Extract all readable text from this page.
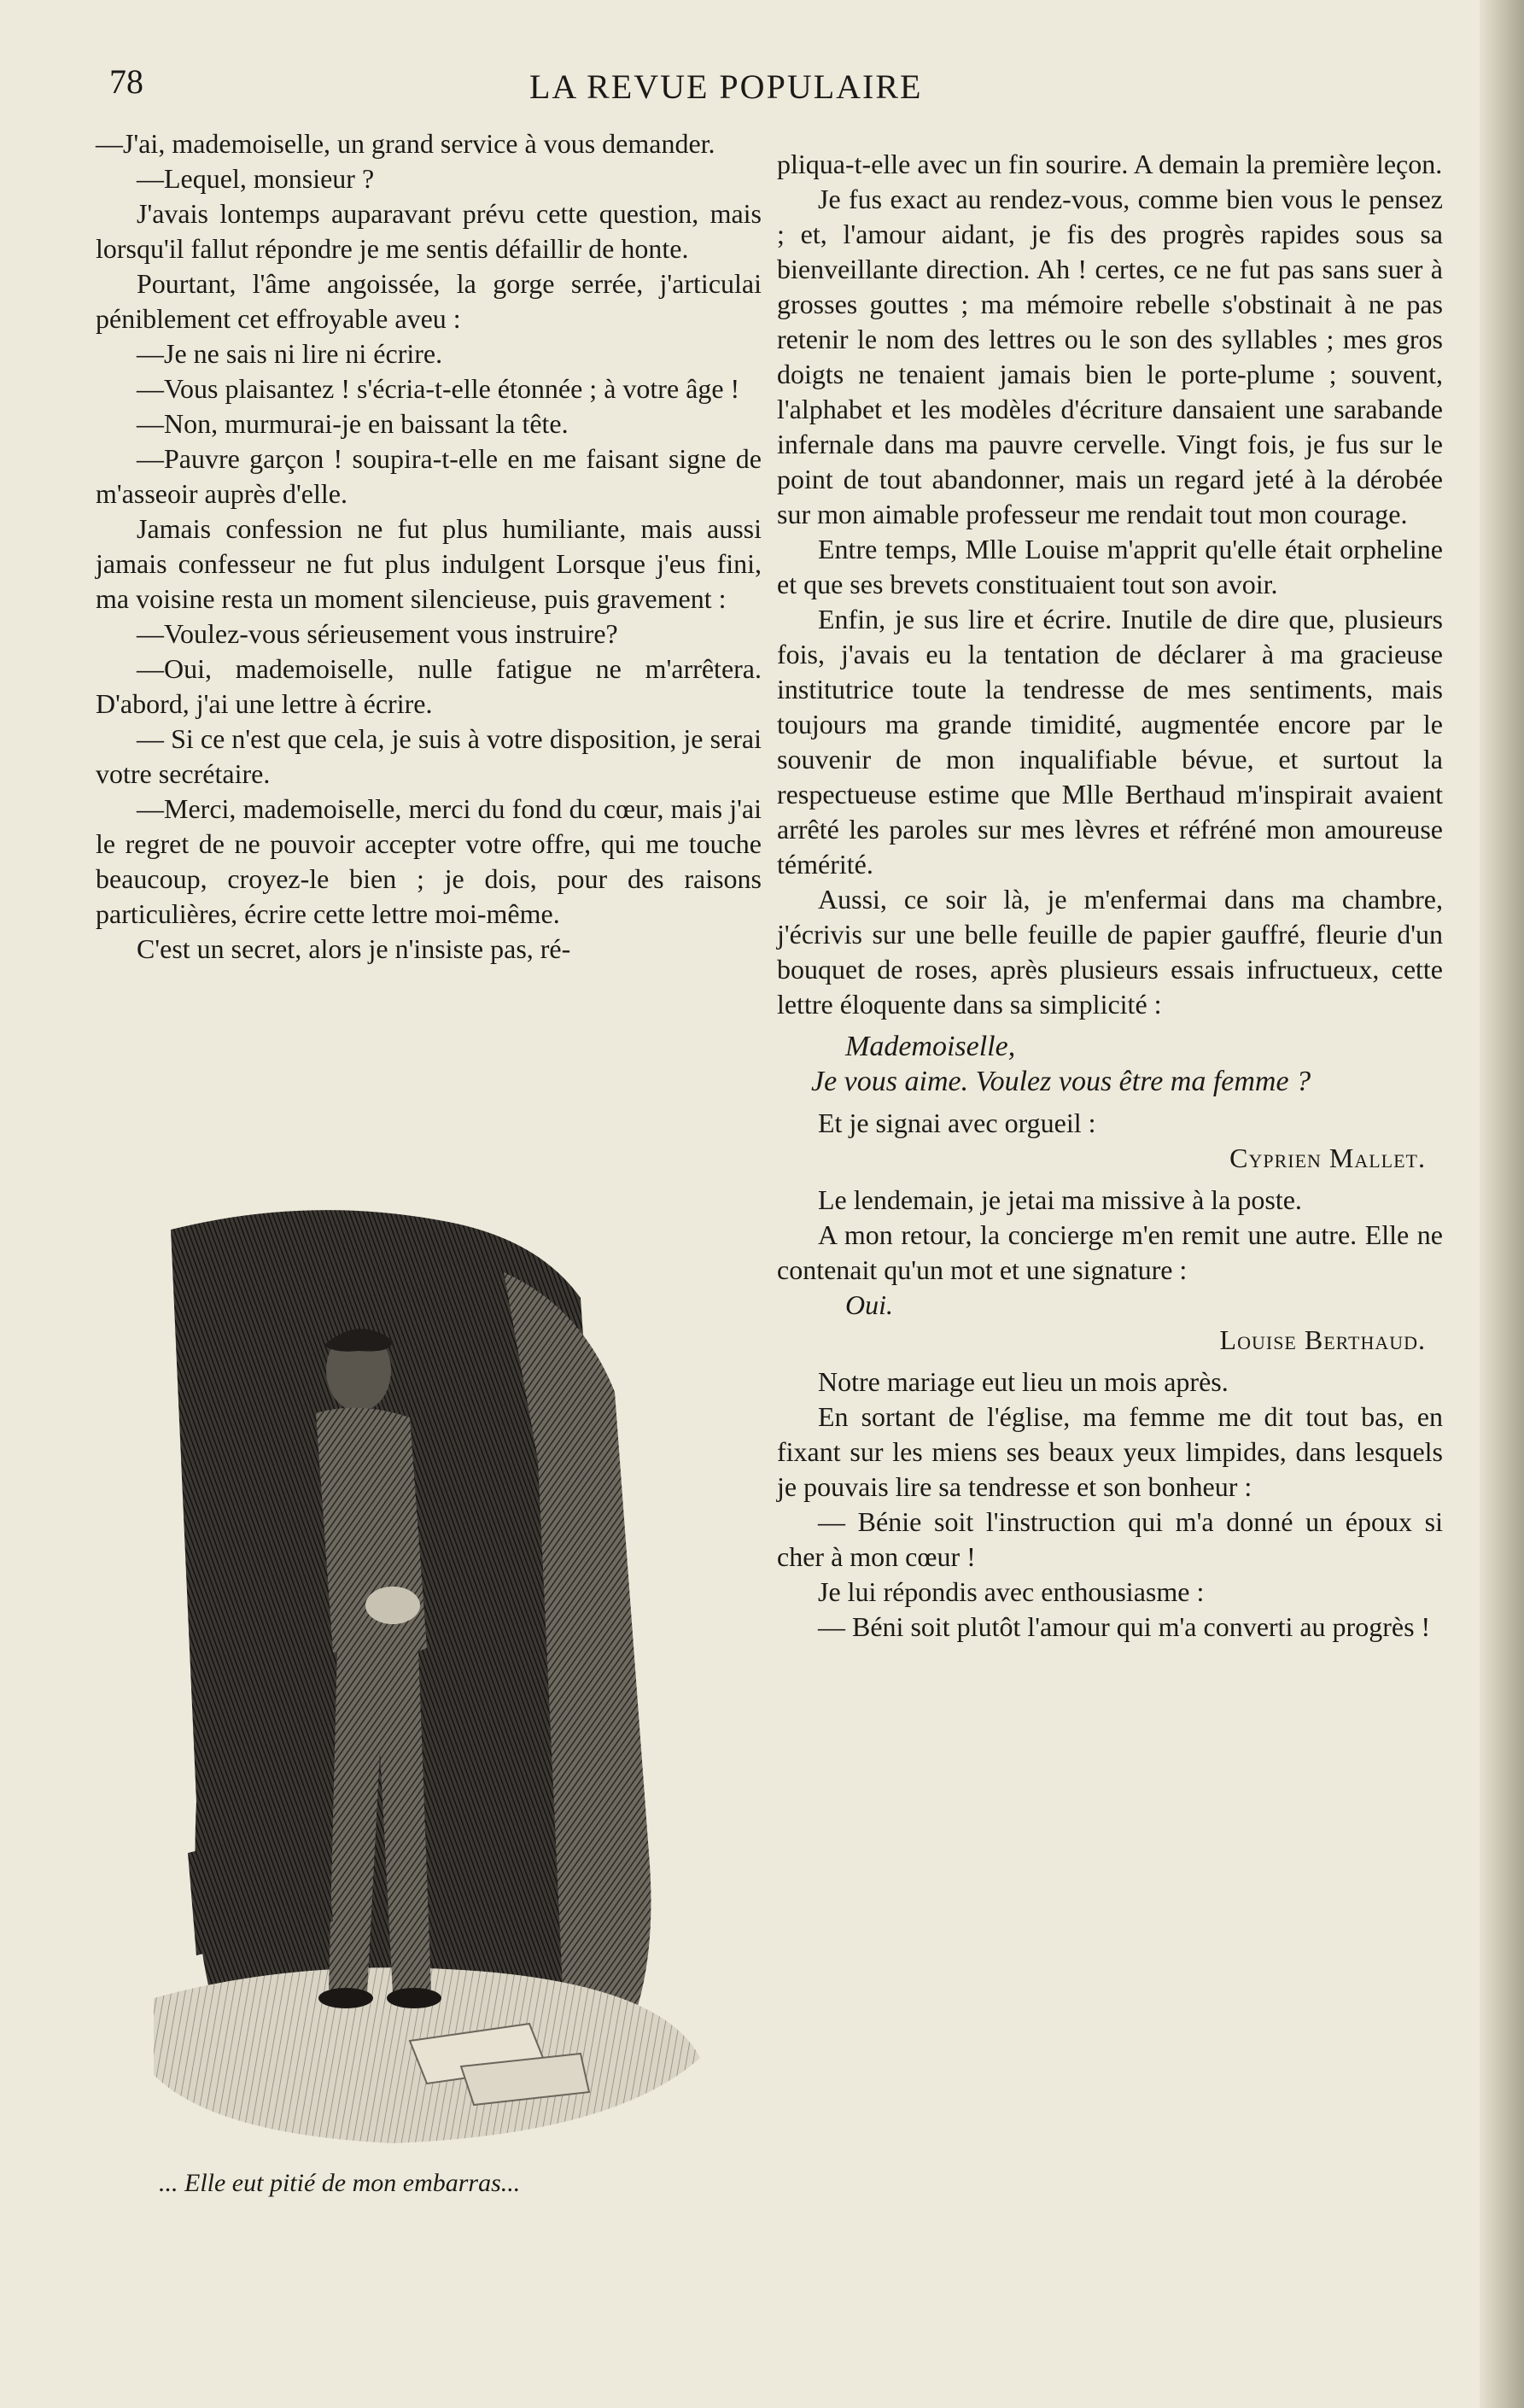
78	LA REVUE POPULAIRE

—J'ai, mademoiselle, un grand service à vous demander.

—Lequel, monsieur ?

J'avais lontemps auparavant prévu cette question, mais lorsqu'il fallut répondre je me sentis défaillir de honte.

Pourtant, l'âme angoissée, la gorge serrée, j'articulai péniblement cet effroyable aveu :

—Je ne sais ni lire ni écrire.

—Vous plaisantez ! s'écria-t-elle étonnée ; à votre âge !

—Non, murmurai-je en baissant la tête.

—Pauvre garçon ! soupira-t-elle en me faisant signe de m'asseoir auprès d'elle.

Jamais confession ne fut plus humiliante, mais aussi jamais confesseur ne fut plus indulgent Lorsque j'eus fini, ma voisine resta un moment silencieuse, puis gravement :

—Voulez-vous sérieusement vous instruire?

—Oui, mademoiselle, nulle fatigue ne m'arrêtera. D'abord, j'ai une lettre à écrire.

— Si ce n'est que cela, je suis à votre disposition, je serai votre secrétaire.

—Merci, mademoiselle, merci du fond du cœur, mais j'ai le regret de ne pouvoir accepter votre offre, qui me touche beaucoup, croyez-le bien ; je dois, pour des raisons particulières, écrire cette lettre moi-même.

C'est un secret, alors je n'insiste pas, ré-

... Elle eut pitié de mon embarras...

pliqua-t-elle avec un fin sourire. A demain la première leçon.

Je fus exact au rendez-vous, comme bien vous le pensez ; et, l'amour aidant, je fis des progrès rapides sous sa bienveillante direction. Ah ! certes, ce ne fut pas sans suer à grosses gouttes ; ma mémoire rebelle s'obstinait à ne pas retenir le nom des lettres ou le son des syllables ; mes gros doigts ne tenaient jamais bien le porte-plume ; souvent, l'alphabet et les modèles d'écriture dansaient une sarabande infernale dans ma pauvre cervelle. Vingt fois, je fus sur le point de tout abandonner, mais un regard jeté à la dérobée sur mon aimable professeur me rendait tout mon courage.

Entre temps, Mlle Louise m'apprit qu'elle était orpheline et que ses brevets constituaient tout son avoir.

Enfin, je sus lire et écrire. Inutile de dire que, plusieurs fois, j'avais eu la tentation de déclarer à ma gracieuse institutrice toute la tendresse de mes sentiments, mais toujours ma grande timidité, augmentée encore par le souvenir de mon inqualifiable bévue, et surtout la respectueuse estime que Mlle Berthaud m'inspirait avaient arrêté les paroles sur mes lèvres et réfréné mon amoureuse témérité.

Aussi, ce soir là, je m'enfermai dans ma chambre, j'écrivis sur une belle feuille de papier gauffré, fleurie d'un bouquet de roses, après plusieurs essais infructueux, cette lettre éloquente dans sa simplicité :

Mademoiselle,

Je vous aime. Voulez vous être ma femme ?

Et je signai avec orgueil :

Cyprien Mallet.

Le lendemain, je jetai ma missive à la poste.

A mon retour, la concierge m'en remit une autre. Elle ne contenait qu'un mot et une signature :

Oui.

Louise Berthaud.

Notre mariage eut lieu un mois après.

En sortant de l'église, ma femme me dit tout bas, en fixant sur les miens ses beaux yeux limpides, dans lesquels je pouvais lire sa tendresse et son bonheur :

— Bénie soit l'instruction qui m'a donné un époux si cher à mon cœur !

Je lui répondis avec enthousiasme :

— Béni soit plutôt l'amour qui m'a converti au progrès !
